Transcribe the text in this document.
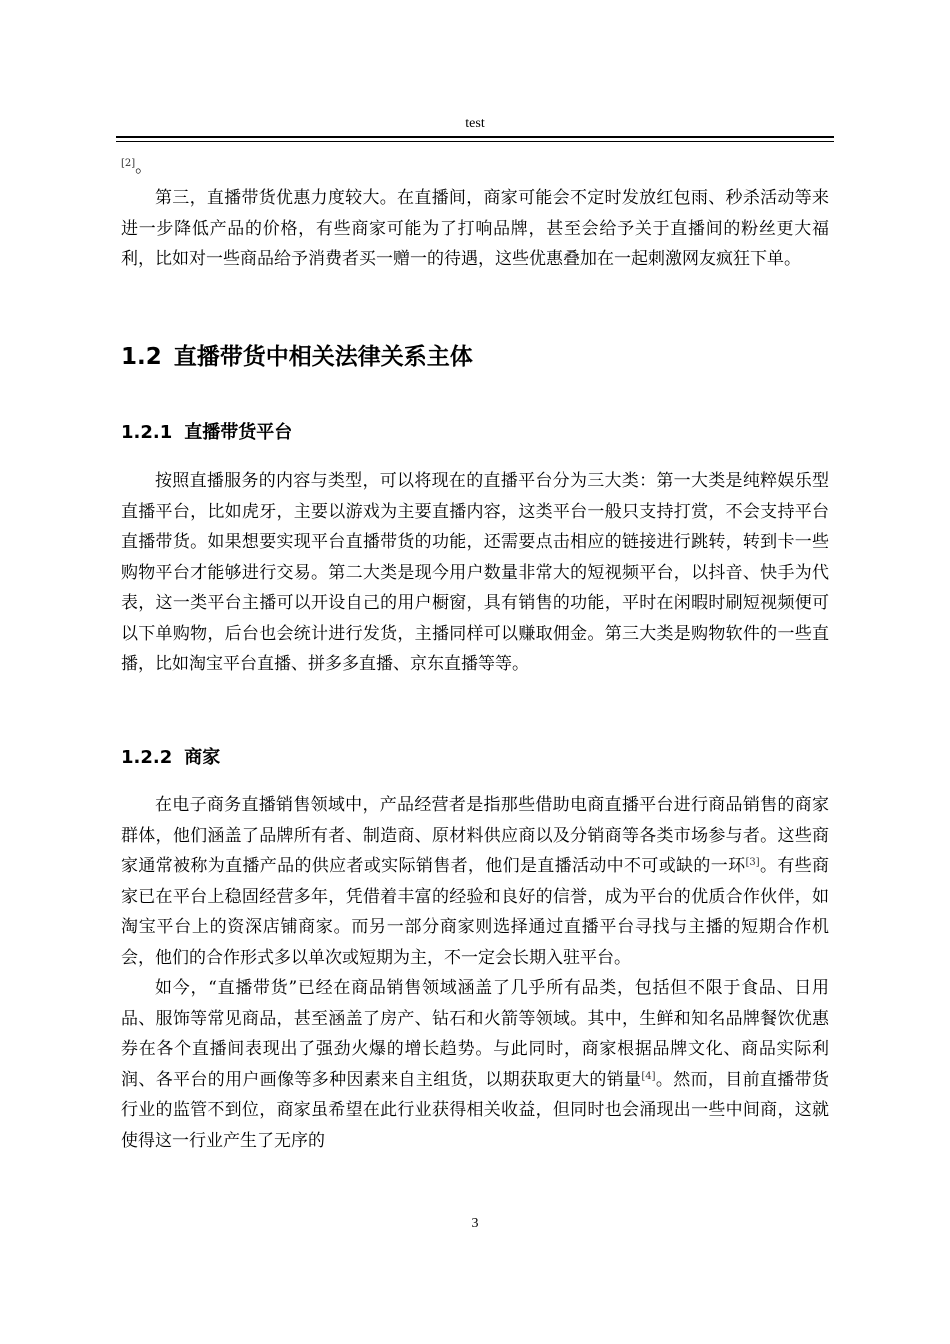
test
[2]。

第三，直播带货优惠力度较大。在直播间，商家可能会不定时发放红包雨、秒杀活动等来进一步降低产品的价格，有些商家可能为了打响品牌，甚至会给予关于直播间的粉丝更大福利，比如对一些商品给予消费者买一赠一的待遇，这些优惠叠加在一起刺激网友疯狂下单。

1.2 直播带货中相关法律关系主体
1.2.1 直播带货平台

按照直播服务的内容与类型，可以将现在的直播平台分为三大类：第一大类是纯粹娱乐型直播平台，比如虎牙，主要以游戏为主要直播内容，这类平台一般只支持打赏，不会支持平台直播带货。如果想要实现平台直播带货的功能，还需要点击相应的链接进行跳转，转到卡一些购物平台才能够进行交易。第二大类是现今用户数量非常大的短视频平台，以抖音、快手为代表，这一类平台主播可以开设自己的用户橱窗，具有销售的功能，平时在闲暇时刷短视频便可以下单购物，后台也会统计进行发货，主播同样可以赚取佣金。第三大类是购物软件的一些直播，比如淘宝平台直播、拼多多直播、京东直播等等。

1.2.2 商家

在电子商务直播销售领域中，产品经营者是指那些借助电商直播平台进行商品销售的商家群体，他们涵盖了品牌所有者、制造商、原材料供应商以及分销商等各类市场参与者。这些商家通常被称为直播产品的供应者或实际销售者，他们是直播活动中不可或缺的一环[3]。有些商家已在平台上稳固经营多年，凭借着丰富的经验和良好的信誉，成为平台的优质合作伙伴，如淘宝平台上的资深店铺商家。而另一部分商家则选择通过直播平台寻找与主播的短期合作机会，他们的合作形式多以单次或短期为主，不一定会长期入驻平台。

如今，“直播带货”已经在商品销售领域涵盖了几乎所有品类，包括但不限于食品、日用品、服饰等常见商品，甚至涵盖了房产、钻石和火箭等领域。其中，生鲜和知名品牌餐饮优惠券在各个直播间表现出了强劲火爆的增长趋势。与此同时，商家根据品牌文化、商品实际利润、各平台的用户画像等多种因素来自主组货，以期获取更大的销量[4]。然而，目前直播带货行业的监管不到位，商家虽希望在此行业获得相关收益，但同时也会涌现出一些中间商，这就使得这一行业产生了无序的

3
